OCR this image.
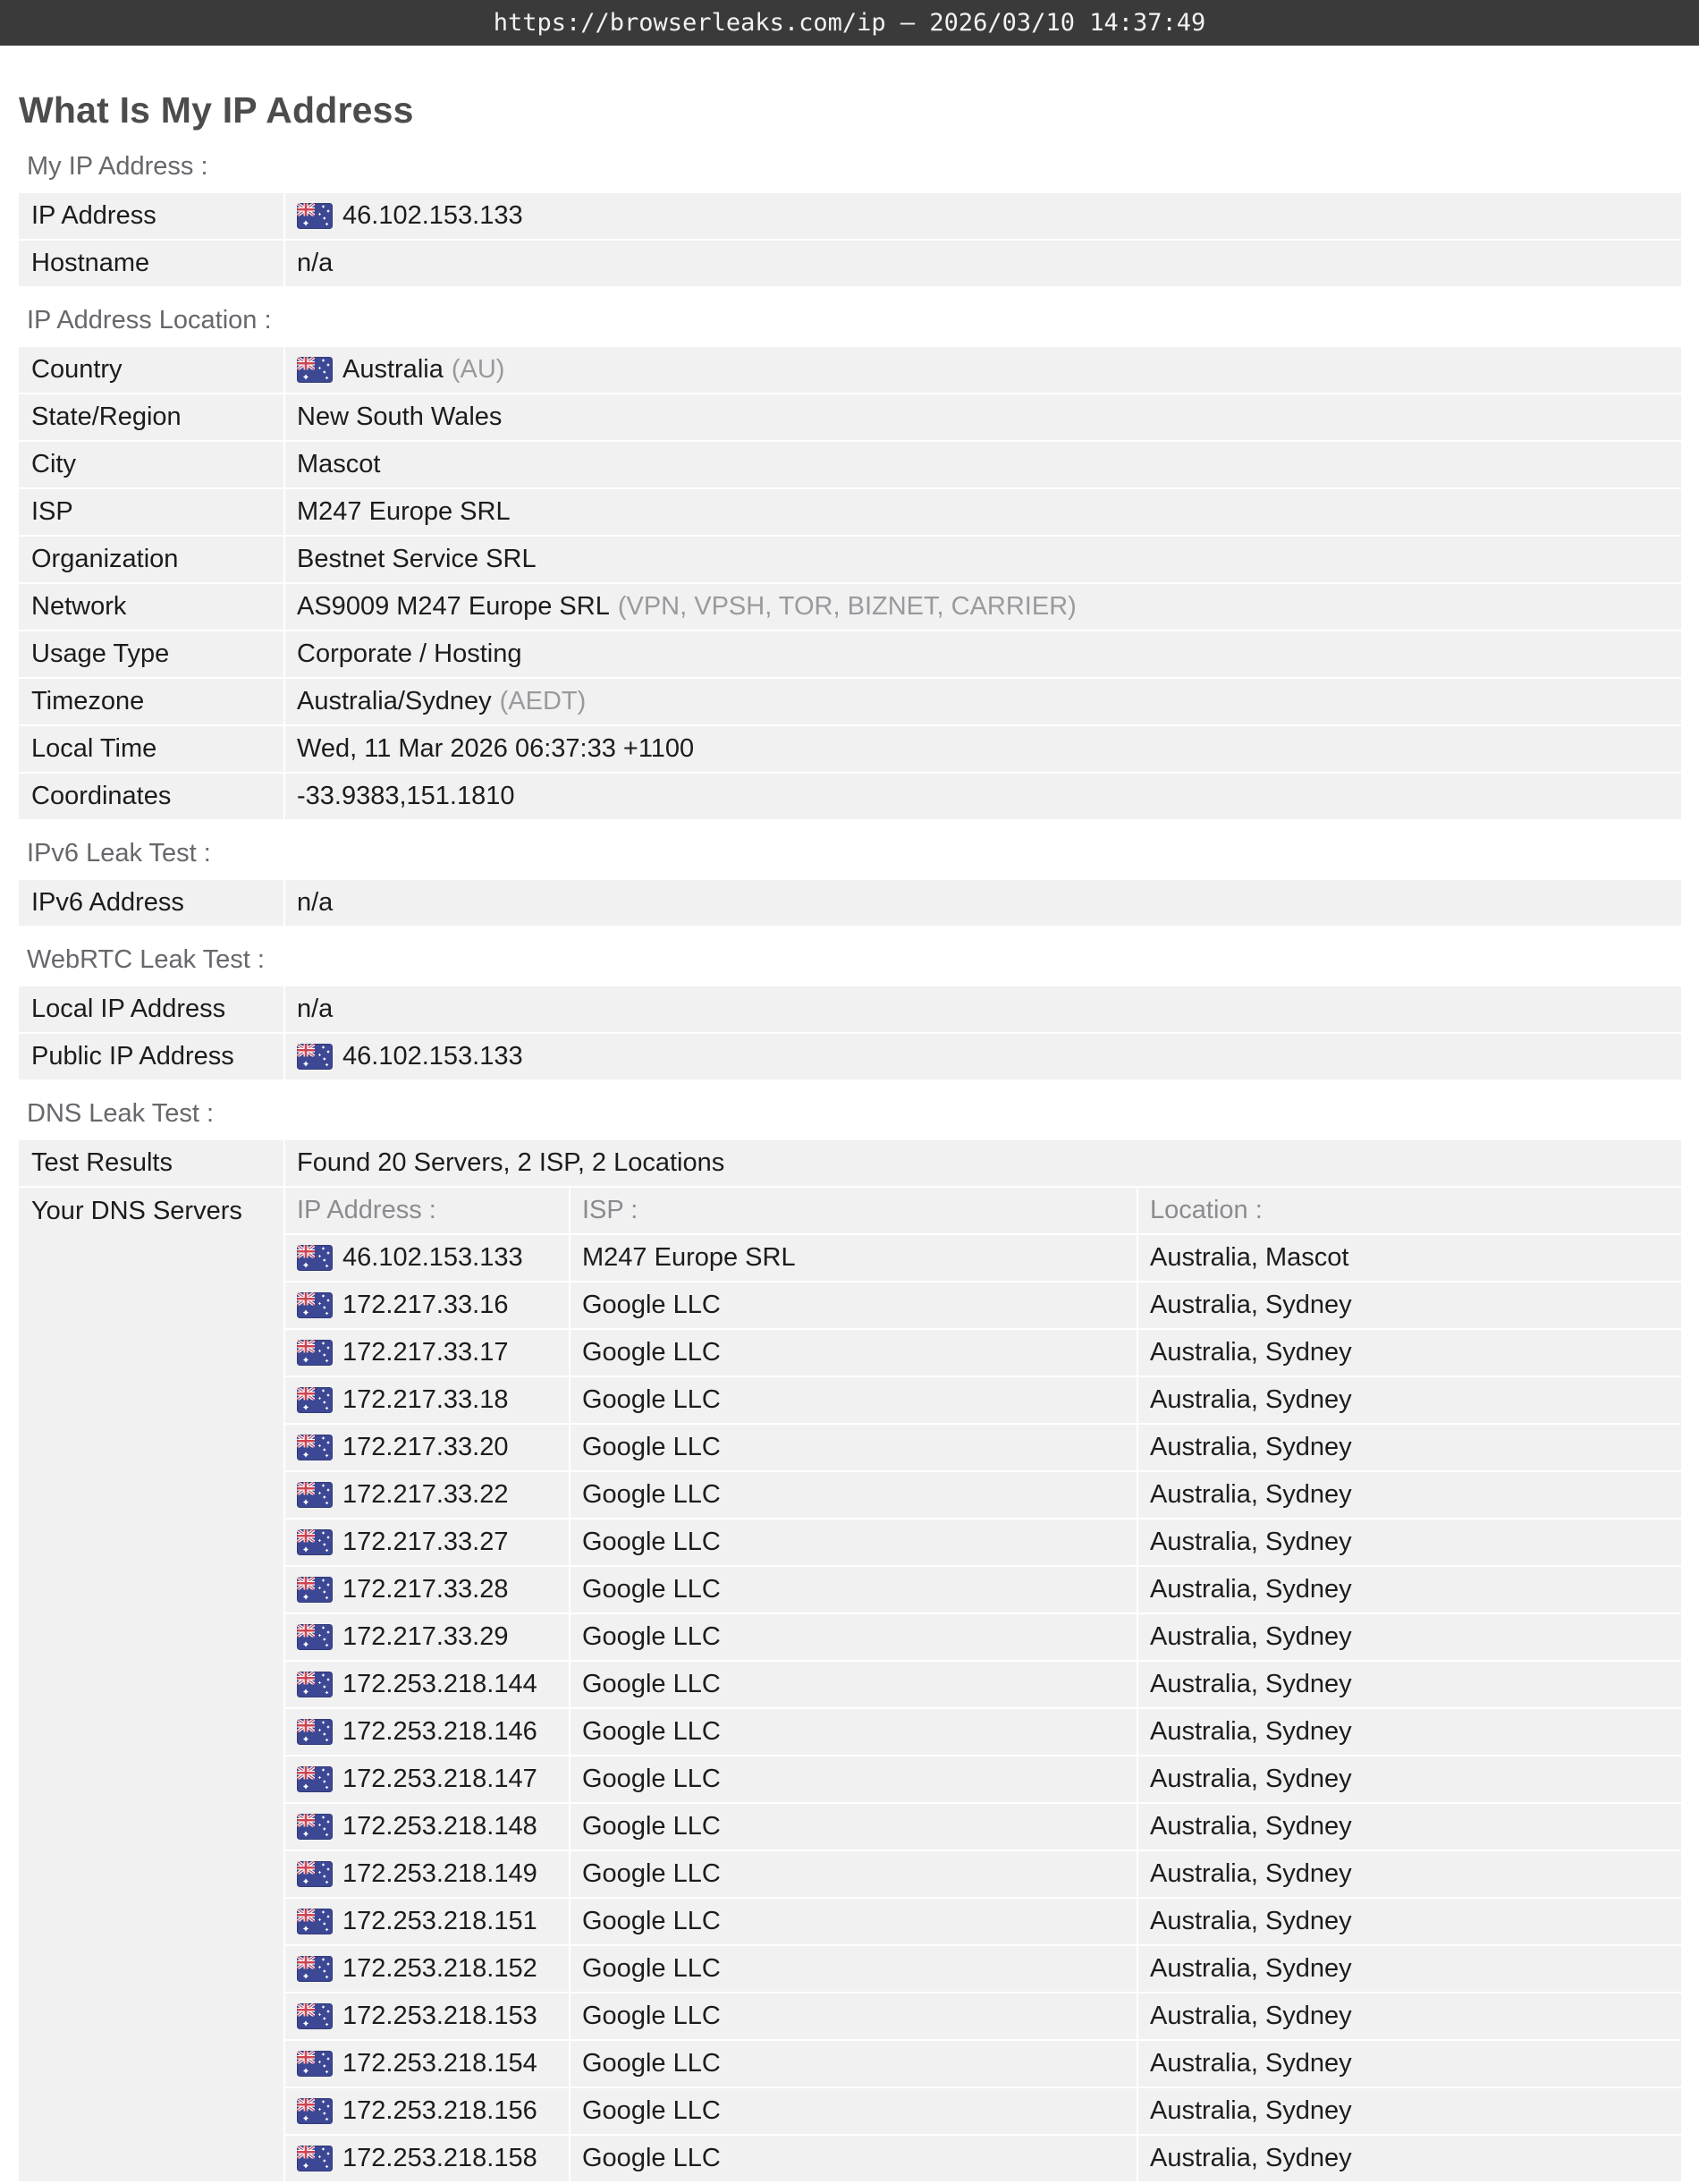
https://browserleaks.com/ip — 2026/03/10 14:37:49
What Is My IP Address
My IP Address :
IP Address	46.102.153.133
Hostname	n/a
IP Address Location :
Country	Australia (AU)
State/Region	New South Wales
City	Mascot
ISP	M247 Europe SRL
Organization	Bestnet Service SRL
Network	AS9009 M247 Europe SRL (VPN, VPSH, TOR, BIZNET, CARRIER)
Usage Type	Corporate / Hosting
Timezone	Australia/Sydney (AEDT)
Local Time	Wed, 11 Mar 2026 06:37:33 +1100
Coordinates	-33.9383,151.1810
IPv6 Leak Test :
IPv6 Address	n/a
WebRTC Leak Test :
Local IP Address	n/a
Public IP Address	46.102.153.133
DNS Leak Test :
Test Results	Found 20 Servers, 2 ISP, 2 Locations
Your DNS Servers	IP Address :	ISP :	Location :
46.102.153.133	M247 Europe SRL	Australia, Mascot
172.217.33.16	Google LLC	Australia, Sydney
172.217.33.17	Google LLC	Australia, Sydney
172.217.33.18	Google LLC	Australia, Sydney
172.217.33.20	Google LLC	Australia, Sydney
172.217.33.22	Google LLC	Australia, Sydney
172.217.33.27	Google LLC	Australia, Sydney
172.217.33.28	Google LLC	Australia, Sydney
172.217.33.29	Google LLC	Australia, Sydney
172.253.218.144	Google LLC	Australia, Sydney
172.253.218.146	Google LLC	Australia, Sydney
172.253.218.147	Google LLC	Australia, Sydney
172.253.218.148	Google LLC	Australia, Sydney
172.253.218.149	Google LLC	Australia, Sydney
172.253.218.151	Google LLC	Australia, Sydney
172.253.218.152	Google LLC	Australia, Sydney
172.253.218.153	Google LLC	Australia, Sydney
172.253.218.154	Google LLC	Australia, Sydney
172.253.218.156	Google LLC	Australia, Sydney
172.253.218.158	Google LLC	Australia, Sydney
